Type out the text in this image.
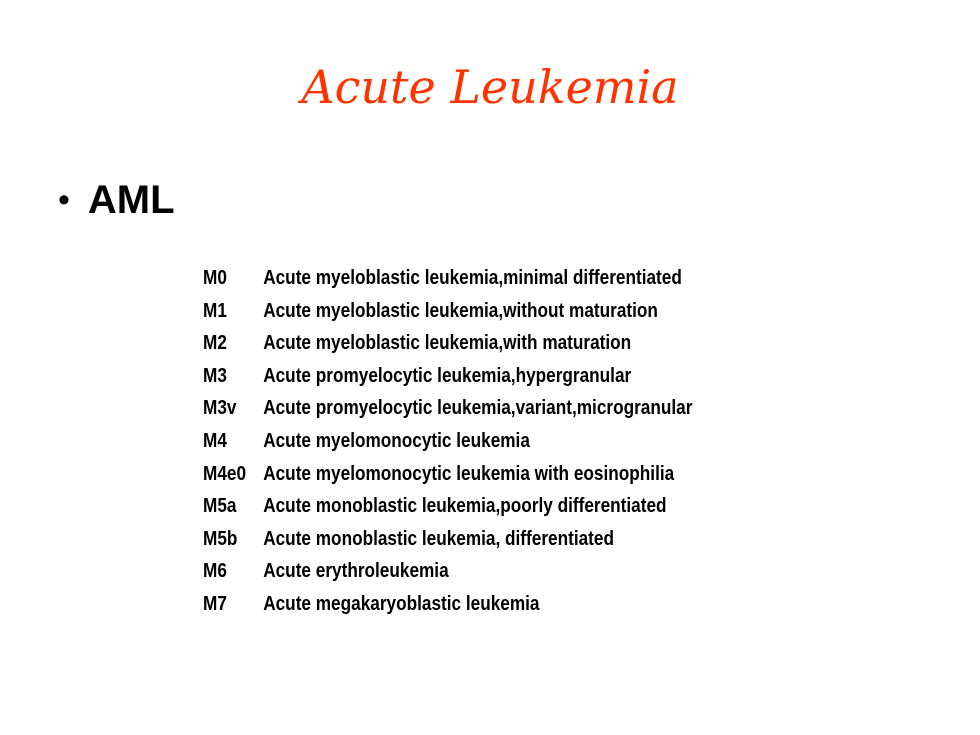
Acute Leukemia
• AML
M0	Acute myeloblastic leukemia,minimal differentiated
M1	Acute myeloblastic leukemia,without maturation
M2	Acute myeloblastic leukemia,with maturation
M3	Acute promyelocytic leukemia,hypergranular
M3v	Acute promyelocytic leukemia,variant,microgranular
M4	Acute myelomonocytic leukemia
M4e0 Acute myelomonocytic leukemia with eosinophilia
M5a	Acute monoblastic leukemia,poorly differentiated
M5b	Acute monoblastic leukemia, differentiated
M6	Acute erythroleukemia
M7	Acute megakaryoblastic leukemia
